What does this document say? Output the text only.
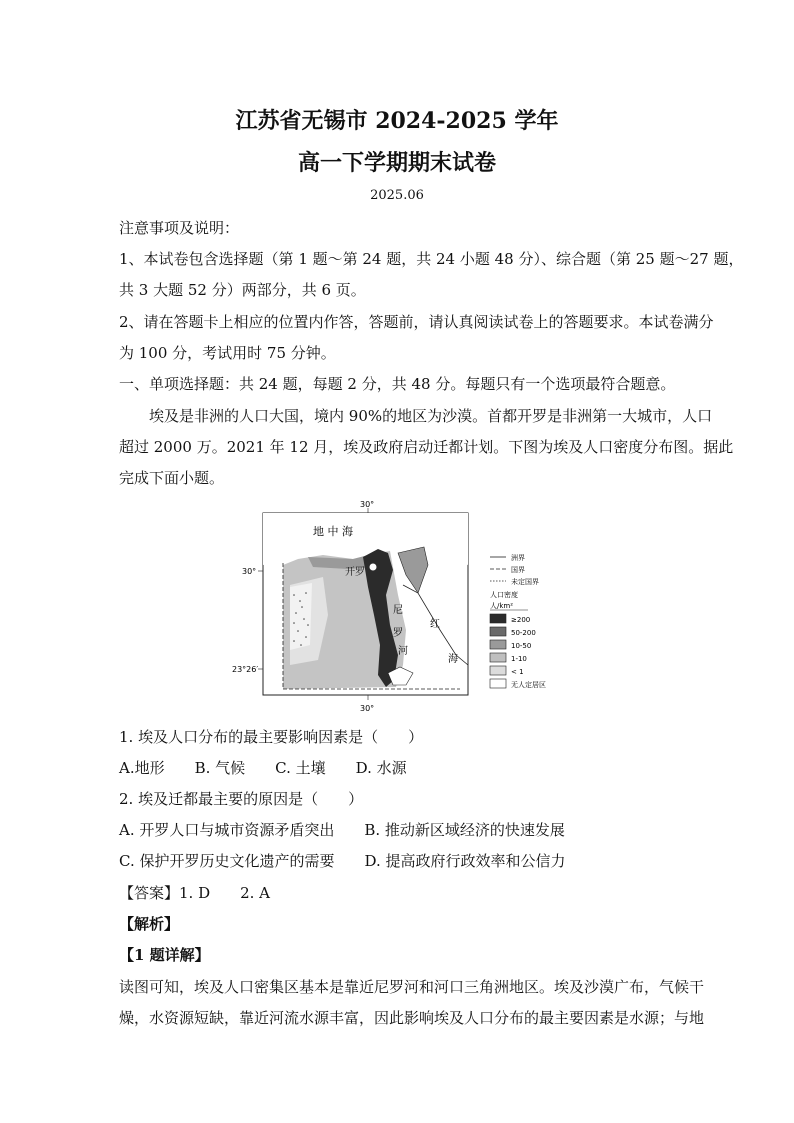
江苏省无锡市 2024-2025 学年
高一下学期期末试卷
2025.06
注意事项及说明：
1、本试卷包含选择题（第 1 题～第 24 题，共 24 小题 48 分）、综合题（第 25 题～27 题，
共 3 大题 52 分）两部分，共 6 页。
2、请在答题卡上相应的位置内作答，答题前，请认真阅读试卷上的答题要求。本试卷满分
为 100 分，考试用时 75 分钟。
一、单项选择题：共 24 题，每题 2 分，共 48 分。每题只有一个选项最符合题意。
埃及是非洲的人口大国，境内 90%的地区为沙漠。首都开罗是非洲第一大城市，人口
超过 2000 万。2021 年 12 月，埃及政府启动迁都计划。下图为埃及人口密度分布图。据此
完成下面小题。
30°
30°
30°
23°26′
地 中 海
开罗
尼
罗
河
红
海
洲界
国界
未定国界
人口密度
人/km²
≥200
50-200
10-50
1-10
< 1
无人定居区
1. 埃及人口分布的最主要影响因素是（　　）
A.地形　　B. 气候　　C. 土壤　　D. 水源
2. 埃及迁都最主要的原因是（　　）
A. 开罗人口与城市资源矛盾突出　　B. 推动新区域经济的快速发展
C. 保护开罗历史文化遗产的需要　　D. 提高政府行政效率和公信力
【答案】1. D　　2. A
【解析】
【1 题详解】
读图可知，埃及人口密集区基本是靠近尼罗河和河口三角洲地区。埃及沙漠广布，气候干
燥，水资源短缺，靠近河流水源丰富，因此影响埃及人口分布的最主要因素是水源；与地
